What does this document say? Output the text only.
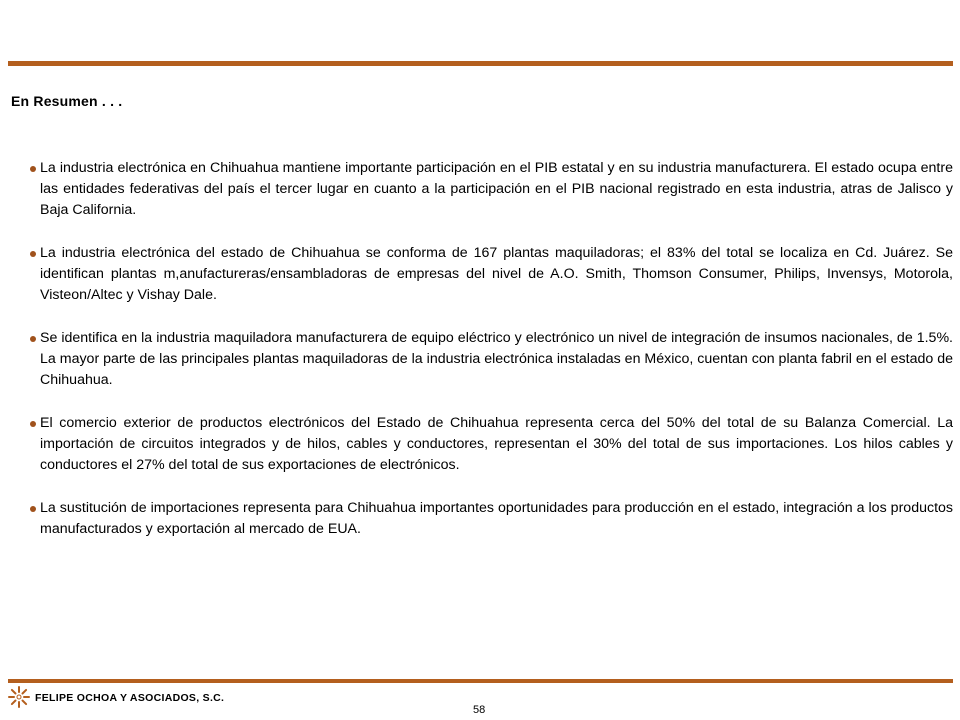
En Resumen . . .
La industria electrónica en Chihuahua mantiene importante participación en el PIB estatal y en su industria manufacturera. El estado ocupa entre las entidades federativas del país el tercer lugar en cuanto a la participación en el PIB nacional registrado en esta industria, atras de Jalisco y Baja California.
La industria electrónica del estado de Chihuahua se conforma de 167 plantas maquiladoras; el 83% del total se localiza en Cd. Juárez. Se identifican plantas m,anufactureras/ensambladoras de empresas del nivel de A.O. Smith, Thomson Consumer, Philips, Invensys, Motorola, Visteon/Altec y Vishay Dale.
Se identifica en la industria maquiladora manufacturera de equipo eléctrico y electrónico un nivel de integración de insumos nacionales, de 1.5%. La mayor parte de las principales plantas maquiladoras de la industria electrónica instaladas en México, cuentan con planta fabril en el estado de Chihuahua.
El comercio exterior de productos electrónicos del Estado de Chihuahua representa cerca del 50% del total de su Balanza Comercial. La importación de circuitos integrados y de hilos, cables y conductores, representan el 30% del total de sus importaciones. Los hilos cables y conductores el 27% del total de sus exportaciones de electrónicos.
La sustitución de importaciones representa para Chihuahua importantes oportunidades para producción en el estado, integración a los productos manufacturados y exportación al mercado de EUA.
FELIPE OCHOA Y ASOCIADOS, S.C.
58
